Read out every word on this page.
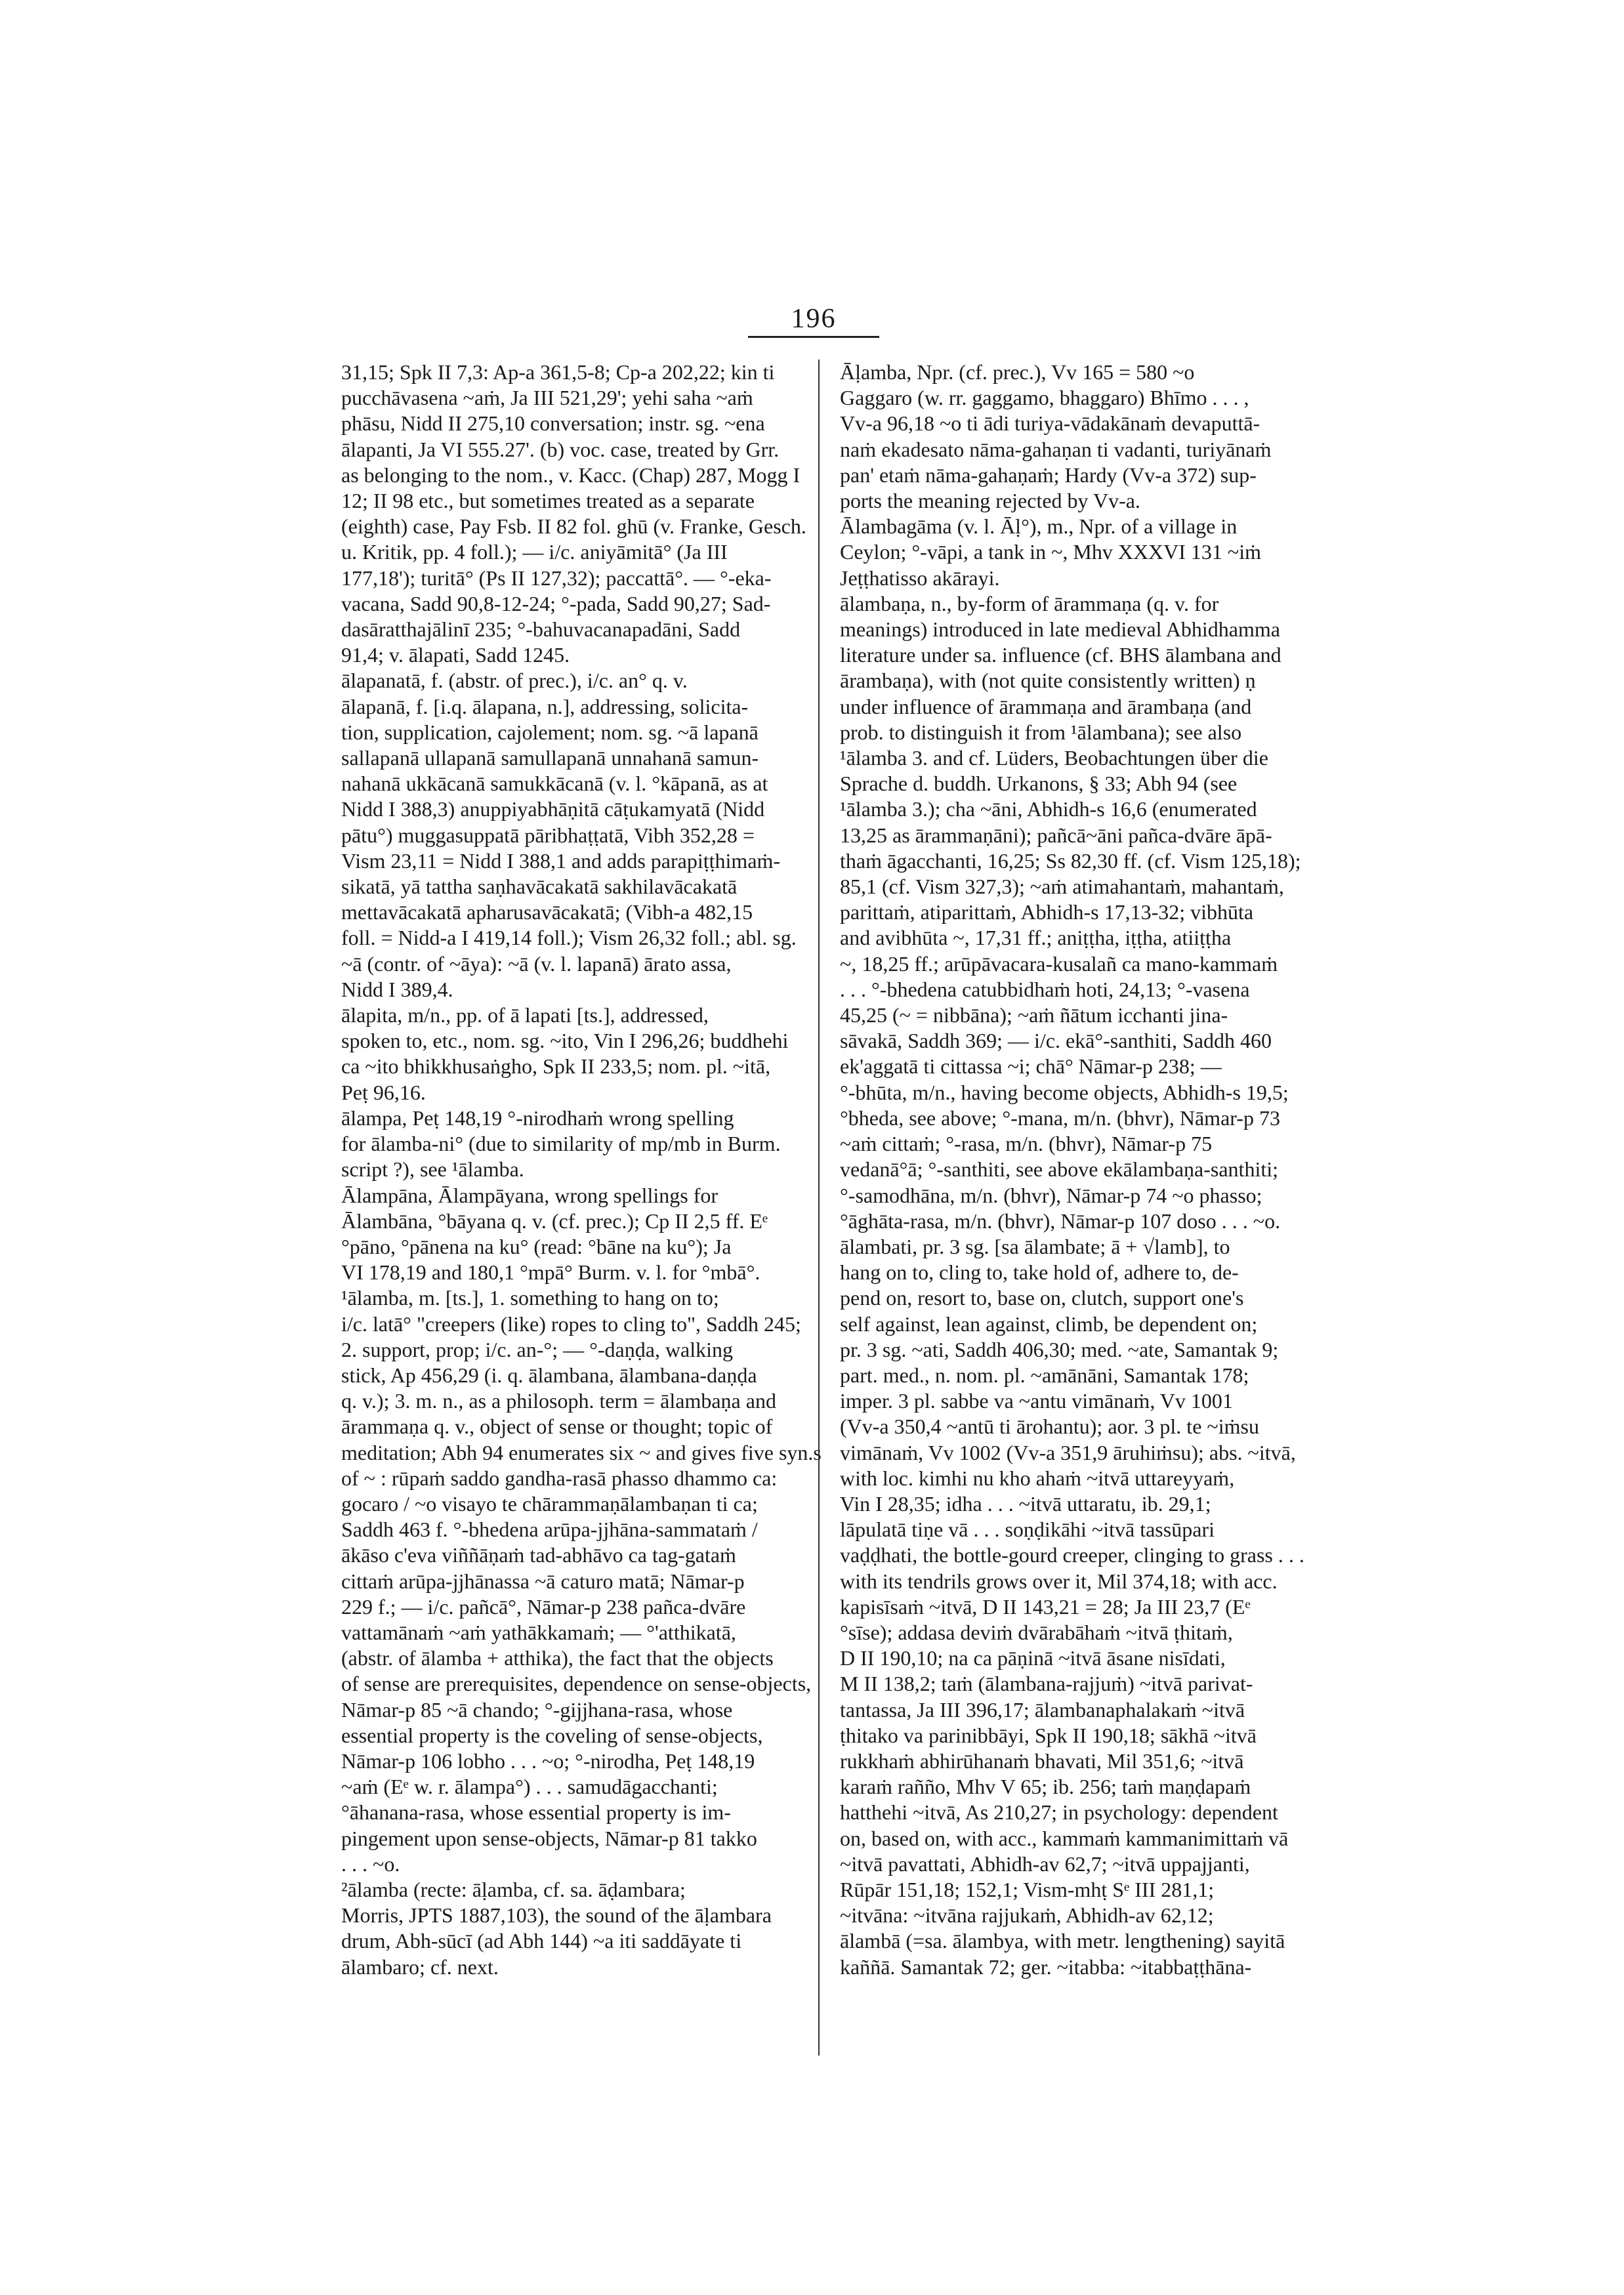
196
31,15; Spk II 7,3: Ap-a 361,5-8; Cp-a 202,22; kin ti
pucchāvasena ~aṁ, Ja III 521,29'; yehi saha ~aṁ
phāsu, Nidd II 275,10 conversation; instr. sg. ~ena
ālapanti, Ja VI 555.27'. (b) voc. case, treated by Grr.
as belonging to the nom., v. Kacc. (Chap) 287, Mogg I
12; II 98 etc., but sometimes treated as a separate
(eighth) case, Pay Fsb. II 82 fol. ghū (v. Franke, Gesch.
u. Kritik, pp. 4 foll.); — i/c. aniyāmitā° (Ja III
177,18'); turitā° (Ps II 127,32); paccattā°. — °-eka-
vacana, Sadd 90,8-12-24; °-pada, Sadd 90,27; Sad-
dasāratthajālinī 235; °-bahuvacanapadāni, Sadd
91,4; v. ālapati, Sadd 1245.
ālapanatā, f. (abstr. of prec.), i/c. an° q. v.
ālapanā, f. [i.q. ālapana, n.], addressing, solicita-
tion, supplication, cajolement; nom. sg. ~ā lapanā
sallapanā ullapanā samullapanā unnahanā samun-
nahanā ukkācanā samukkācanā (v. l. °kāpanā, as at
Nidd I 388,3) anuppiyabhāṇitā cāṭukamyatā (Nidd
pātu°) muggasuppatā pāribhaṭṭatā, Vibh 352,28 =
Vism 23,11 = Nidd I 388,1 and adds parapiṭṭhimaṁ-
sikatā, yā tattha saṇhavācakatā sakhilavācakatā
mettavācakatā apharusavācakatā; (Vibh-a 482,15
foll. = Nidd-a I 419,14 foll.); Vism 26,32 foll.; abl. sg.
~ā (contr. of ~āya): ~ā (v. l. lapanā) ārato assa,
Nidd I 389,4.
ālapita, m/n., pp. of ā lapati [ts.], addressed,
spoken to, etc., nom. sg. ~ito, Vin I 296,26; buddhehi
ca ~ito bhikkhusaṅgho, Spk II 233,5; nom. pl. ~itā,
Peṭ 96,16.
ālampa, Peṭ 148,19 °-nirodhaṁ wrong spelling
for ālamba-ni° (due to similarity of mp/mb in Burm.
script ?), see ¹ālamba.
Ālampāna, Ālampāyana, wrong spellings for
Ālambāna, °bāyana q. v. (cf. prec.); Cp II 2,5 ff. Eᵉ
°pāno, °pānena na ku° (read: °bāne na ku°); Ja
VI 178,19 and 180,1 °mpā° Burm. v. l. for °mbā°.
¹ālamba, m. [ts.], 1. something to hang on to;
i/c. latā° "creepers (like) ropes to cling to", Saddh 245;
2. support, prop; i/c. an-°; — °-daṇḍa, walking
stick, Ap 456,29 (i. q. ālambana, ālambana-daṇḍa
q. v.); 3. m. n., as a philosoph. term = ālambaṇa and
ārammaṇa q. v., object of sense or thought; topic of
meditation; Abh 94 enumerates six ~ and gives five syn.s
of ~ : rūpaṁ saddo gandha-rasā phasso dhammo ca:
gocaro / ~o visayo te chārammaṇālambaṇan ti ca;
Saddh 463 f. °-bhedena arūpa-jjhāna-sammataṁ /
ākāso c'eva viññāṇaṁ tad-abhāvo ca tag-gataṁ
cittaṁ arūpa-jjhānassa ~ā caturo matā; Nāmar-p
229 f.; — i/c. pañcā°, Nāmar-p 238 pañca-dvāre
vattamānaṁ ~aṁ yathākkamaṁ; — °'atthikatā,
(abstr. of ālamba + atthika), the fact that the objects
of sense are prerequisites, dependence on sense-objects,
Nāmar-p 85 ~ā chando; °-gijjhana-rasa, whose
essential property is the coveling of sense-objects,
Nāmar-p 106 lobho . . . ~o; °-nirodha, Peṭ 148,19
~aṁ (Eᵉ w. r. ālampa°) . . . samudāgacchanti;
°āhanana-rasa, whose essential property is im-
pingement upon sense-objects, Nāmar-p 81 takko
. . . ~o.
²ālamba (recte: āḷamba, cf. sa. āḍambara;
Morris, JPTS 1887,103), the sound of the āḷambara
drum, Abh-sūcī (ad Abh 144) ~a iti saddāyate ti
ālambaro; cf. next.
Āḷamba, Npr. (cf. prec.), Vv 165 = 580 ~o
Gaggaro (w. rr. gaggamo, bhaggaro) Bhīmo . . . ,
Vv-a 96,18 ~o ti ādi turiya-vādakānaṁ devaputtā-
naṁ ekadesato nāma-gahaṇan ti vadanti, turiyānaṁ
pan' etaṁ nāma-gahaṇaṁ; Hardy (Vv-a 372) sup-
ports the meaning rejected by Vv-a.
Ālambagāma (v. l. Āḷ°), m., Npr. of a village in
Ceylon; °-vāpi, a tank in ~, Mhv XXXVI 131 ~iṁ
Jeṭṭhatisso akārayi.
ālambaṇa, n., by-form of ārammaṇa (q. v. for
meanings) introduced in late medieval Abhidhamma
literature under sa. influence (cf. BHS ālambana and
ārambaṇa), with (not quite consistently written) ṇ
under influence of ārammaṇa and ārambaṇa (and
prob. to distinguish it from ¹ālambana); see also
¹ālamba 3. and cf. Lüders, Beobachtungen über die
Sprache d. buddh. Urkanons, § 33; Abh 94 (see
¹ālamba 3.); cha ~āni, Abhidh-s 16,6 (enumerated
13,25 as ārammaṇāni); pañcā~āni pañca-dvāre āpā-
thaṁ āgacchanti, 16,25; Ss 82,30 ff. (cf. Vism 125,18);
85,1 (cf. Vism 327,3); ~aṁ atimahantaṁ, mahantaṁ,
parittaṁ, atiparittaṁ, Abhidh-s 17,13-32; vibhūta
and avibhūta ~, 17,31 ff.; aniṭṭha, iṭṭha, atiiṭṭha
~, 18,25 ff.; arūpāvacara-kusalañ ca mano-kammaṁ
. . . °-bhedena catubbidhaṁ hoti, 24,13; °-vasena
45,25 (~ = nibbāna); ~aṁ ñātum icchanti jina-
sāvakā, Saddh 369; — i/c. ekā°-santhiti, Saddh 460
ek'aggatā ti cittassa ~i; chā° Nāmar-p 238; —
°-bhūta, m/n., having become objects, Abhidh-s 19,5;
°bheda, see above; °-mana, m/n. (bhvr), Nāmar-p 73
~aṁ cittaṁ; °-rasa, m/n. (bhvr), Nāmar-p 75
vedanā°ā; °-santhiti, see above ekālambaṇa-santhiti;
°-samodhāna, m/n. (bhvr), Nāmar-p 74 ~o phasso;
°āghāta-rasa, m/n. (bhvr), Nāmar-p 107 doso . . . ~o.
ālambati, pr. 3 sg. [sa ālambate; ā + √lamb], to
hang on to, cling to, take hold of, adhere to, de-
pend on, resort to, base on, clutch, support one's
self against, lean against, climb, be dependent on;
pr. 3 sg. ~ati, Saddh 406,30; med. ~ate, Samantak 9;
part. med., n. nom. pl. ~amānāni, Samantak 178;
imper. 3 pl. sabbe va ~antu vimānaṁ, Vv 1001
(Vv-a 350,4 ~antū ti ārohantu); aor. 3 pl. te ~iṁsu
vimānaṁ, Vv 1002 (Vv-a 351,9 āruhiṁsu); abs. ~itvā,
with loc. kimhi nu kho ahaṁ ~itvā uttareyyaṁ,
Vin I 28,35; idha . . . ~itvā uttaratu, ib. 29,1;
lāpulatā tiṇe vā . . . soṇḍikāhi ~itvā tassūpari
vaḍḍhati, the bottle-gourd creeper, clinging to grass . . .
with its tendrils grows over it, Mil 374,18; with acc.
kapisīsaṁ ~itvā, D II 143,21 = 28; Ja III 23,7 (Eᵉ
°sīse); addasa deviṁ dvārabāhaṁ ~itvā ṭhitaṁ,
D II 190,10; na ca pāṇinā ~itvā āsane nisīdati,
M II 138,2; taṁ (ālambana-rajjuṁ) ~itvā parivat-
tantassa, Ja III 396,17; ālambanaphalakaṁ ~itvā
ṭhitako va parinibbāyi, Spk II 190,18; sākhā ~itvā
rukkhaṁ abhirūhanaṁ bhavati, Mil 351,6; ~itvā
karaṁ rañño, Mhv V 65; ib. 256; taṁ maṇḍapaṁ
hatthehi ~itvā, As 210,27; in psychology: dependent
on, based on, with acc., kammaṁ kammanimittaṁ vā
~itvā pavattati, Abhidh-av 62,7; ~itvā uppajjanti,
Rūpār 151,18; 152,1; Vism-mhṭ Sᵉ III 281,1;
~itvāna: ~itvāna rajjukaṁ, Abhidh-av 62,12;
ālambā (=sa. ālambya, with metr. lengthening) sayitā
kaññā. Samantak 72; ger. ~itabba: ~itabbaṭṭhāna-
